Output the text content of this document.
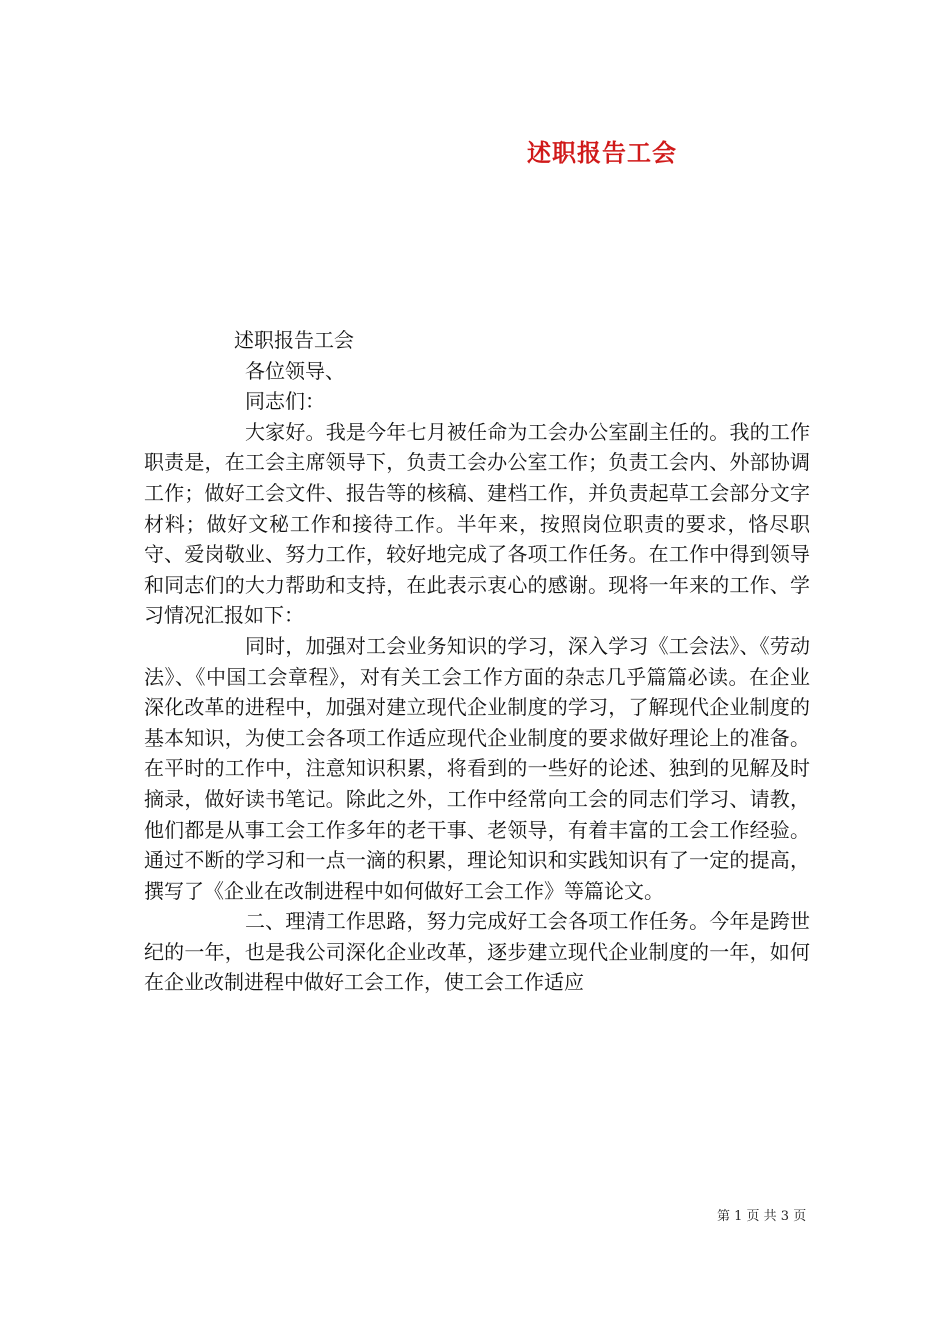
述职报告工会

述职报告工会

各位领导、

同志们：

大家好。我是今年七月被任命为工会办公室副主任的。我的工作职责是，在工会主席领导下，负责工会办公室工作；负责工会内、外部协调工作；做好工会文件、报告等的核稿、建档工作，并负责起草工会部分文字材料；做好文秘工作和接待工作。半年来，按照岗位职责的要求，恪尽职守、爱岗敬业、努力工作，较好地完成了各项工作任务。在工作中得到领导和同志们的大力帮助和支持，在此表示衷心的感谢。现将一年来的工作、学习情况汇报如下：

同时，加强对工会业务知识的学习，深入学习《工会法》、《劳动法》、《中国工会章程》，对有关工会工作方面的杂志几乎篇篇必读。在企业深化改革的进程中，加强对建立现代企业制度的学习，了解现代企业制度的基本知识，为使工会各项工作适应现代企业制度的要求做好理论上的准备。在平时的工作中，注意知识积累，将看到的一些好的论述、独到的见解及时摘录，做好读书笔记。除此之外，工作中经常向工会的同志们学习、请教，他们都是从事工会工作多年的老干事、老领导，有着丰富的工会工作经验。通过不断的学习和一点一滴的积累，理论知识和实践知识有了一定的提高，撰写了《企业在改制进程中如何做好工会工作》等篇论文。

二、理清工作思路，努力完成好工会各项工作任务。今年是跨世纪的一年，也是我公司深化企业改革，逐步建立现代企业制度的一年，如何在企业改制进程中做好工会工作，使工会工作适应

第 1 页 共 3 页
